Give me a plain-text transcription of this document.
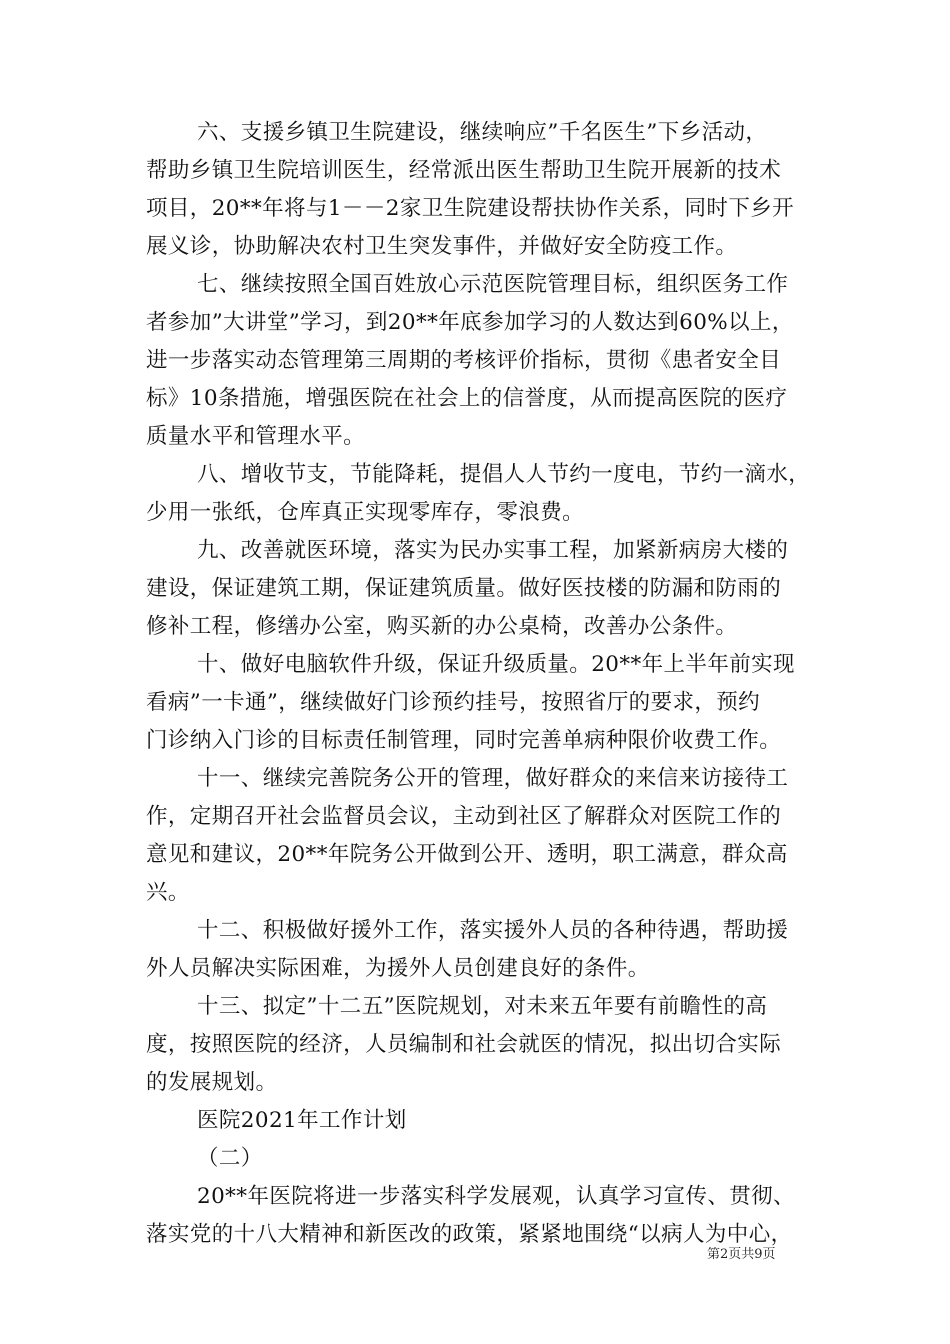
六、支援乡镇卫生院建设，继续响应”千名医生”下乡活动，
帮助乡镇卫生院培训医生，经常派出医生帮助卫生院开展新的技术
项目，20**年将与1－－2家卫生院建设帮扶协作关系，同时下乡开
展义诊，协助解决农村卫生突发事件，并做好安全防疫工作。
七、继续按照全国百姓放心示范医院管理目标，组织医务工作
者参加”大讲堂”学习，到20**年底参加学习的人数达到60%以上，
进一步落实动态管理第三周期的考核评价指标，贯彻《患者安全目
标》10条措施，增强医院在社会上的信誉度，从而提高医院的医疗
质量水平和管理水平。
八、增收节支，节能降耗，提倡人人节约一度电，节约一滴水，
少用一张纸，仓库真正实现零库存，零浪费。
九、改善就医环境，落实为民办实事工程，加紧新病房大楼的
建设，保证建筑工期，保证建筑质量。做好医技楼的防漏和防雨的
修补工程，修缮办公室，购买新的办公桌椅，改善办公条件。
十、做好电脑软件升级，保证升级质量。20**年上半年前实现
看病”一卡通”，继续做好门诊预约挂号，按照省厅的要求，预约
门诊纳入门诊的目标责任制管理，同时完善单病种限价收费工作。
十一、继续完善院务公开的管理，做好群众的来信来访接待工
作，定期召开社会监督员会议，主动到社区了解群众对医院工作的
意见和建议，20**年院务公开做到公开、透明，职工满意，群众高
兴。
十二、积极做好援外工作，落实援外人员的各种待遇，帮助援
外人员解决实际困难，为援外人员创建良好的条件。
十三、拟定”十二五”医院规划，对未来五年要有前瞻性的高
度，按照医院的经济，人员编制和社会就医的情况，拟出切合实际
的发展规划。
医院2021年工作计划
（二）
20**年医院将进一步落实科学发展观，认真学习宣传、贯彻、
落实党的十八大精神和新医改的政策，紧紧地围绕“以病人为中心，
第2页共9页
